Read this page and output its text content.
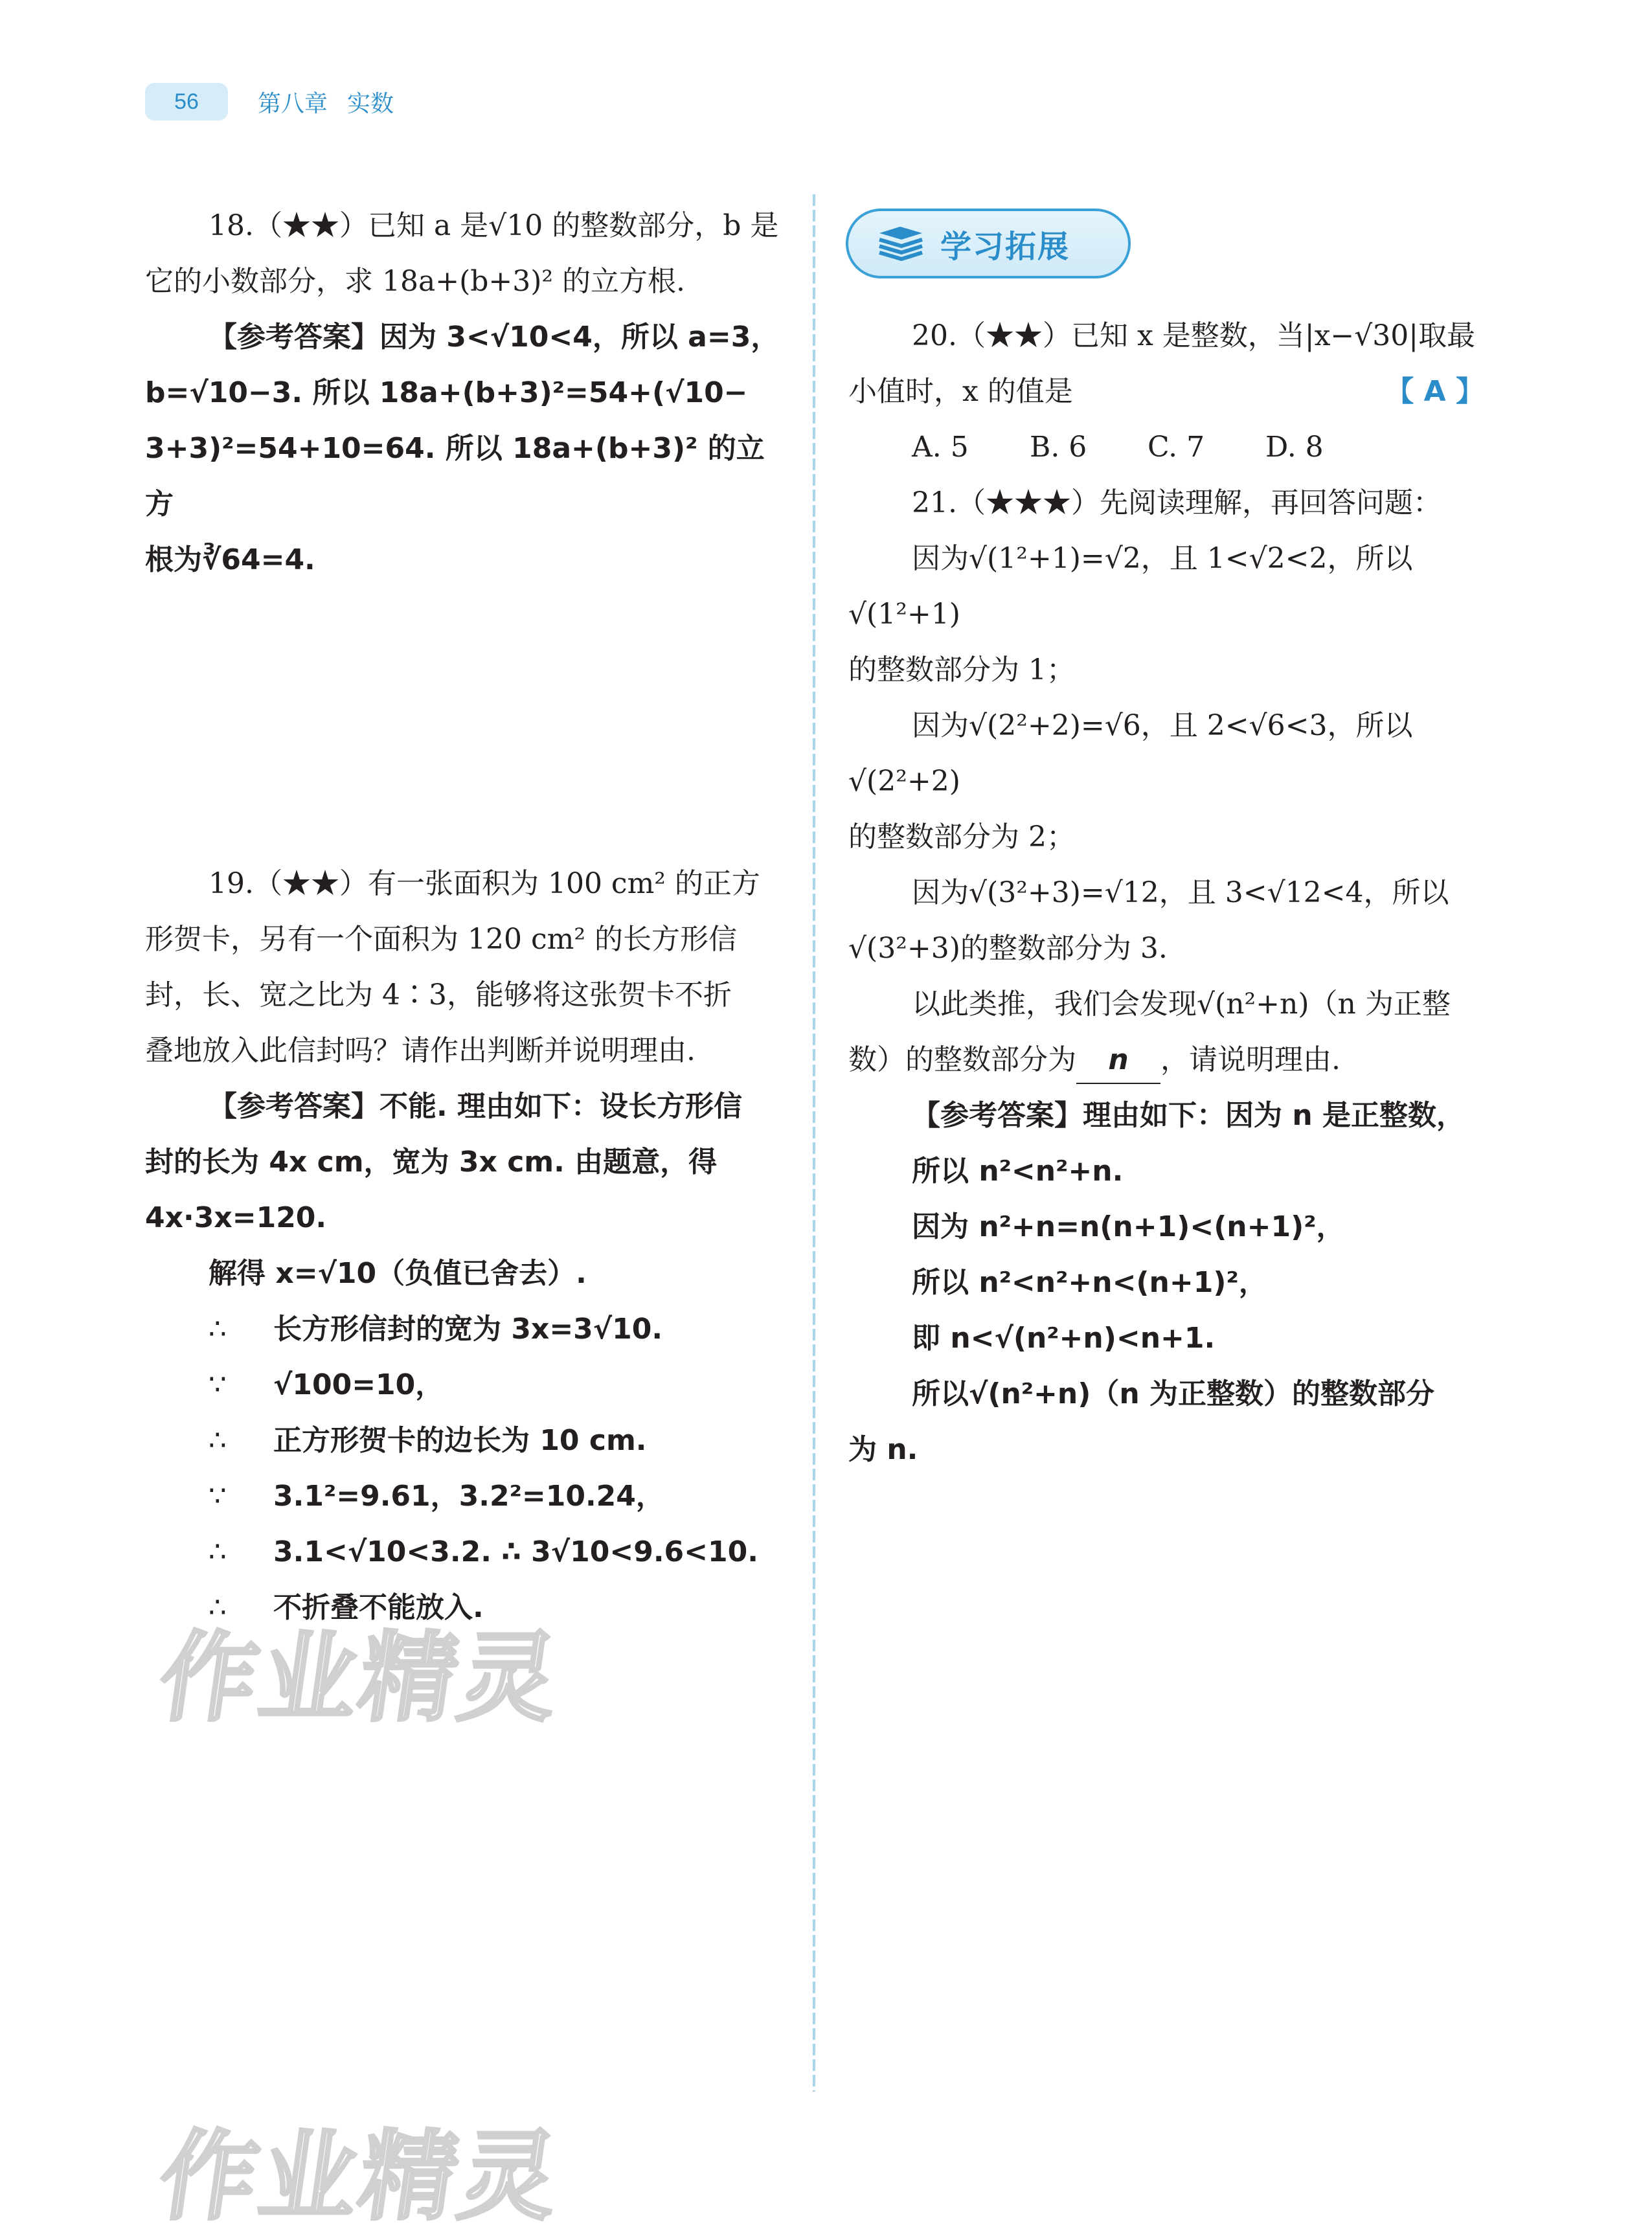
56	第八章 实数

18.（★★）已知 a 是√10 的整数部分，b 是

它的小数部分，求 18a+(b+3)² 的立方根.

【参考答案】因为 3<√10<4，所以 a=3，

b=√10−3. 所以 18a+(b+3)²=54+(√10−

3+3)²=54+10=64. 所以 18a+(b+3)² 的立方

根为∛64=4.

19.（★★）有一张面积为 100 cm² 的正方

形贺卡，另有一个面积为 120 cm² 的长方形信

封，长、宽之比为 4∶3，能够将这张贺卡不折

叠地放入此信封吗？请作出判断并说明理由.

【参考答案】不能. 理由如下：设长方形信

封的长为 4x cm，宽为 3x cm. 由题意，得

4x·3x=120.

解得 x=√10（负值已舍去）.

∴	长方形信封的宽为 3x=3√10.
∵	√100=10，
∴	正方形贺卡的边长为 10 cm.
∵	3.1²=9.61，3.2²=10.24，
∴	3.1<√10<3.2. ∴ 3√10<9.6<10.
∴	不折叠不能放入.
学习拓展

20.（★★）已知 x 是整数，当|x−√30|取最

小值时，x 的值是	【 A 】
A. 5	B. 6	C. 7	D. 8

21.（★★★）先阅读理解，再回答问题：

因为√(1²+1)=√2，且 1<√2<2，所以√(1²+1)

的整数部分为 1；

因为√(2²+2)=√6，且 2<√6<3，所以√(2²+2)

的整数部分为 2；

因为√(3²+3)=√12，且 3<√12<4，所以

√(3²+3)的整数部分为 3.

以此类推，我们会发现√(n²+n)（n 为正整

数）的整数部分为 n ，请说明理由.

【参考答案】理由如下：因为 n 是正整数，

所以 n²<n²+n.

因为 n²+n=n(n+1)<(n+1)²，

所以 n²<n²+n<(n+1)²，

即 n<√(n²+n)<n+1.

所以√(n²+n)（n 为正整数）的整数部分

为 n.

作业精灵
作业精灵
